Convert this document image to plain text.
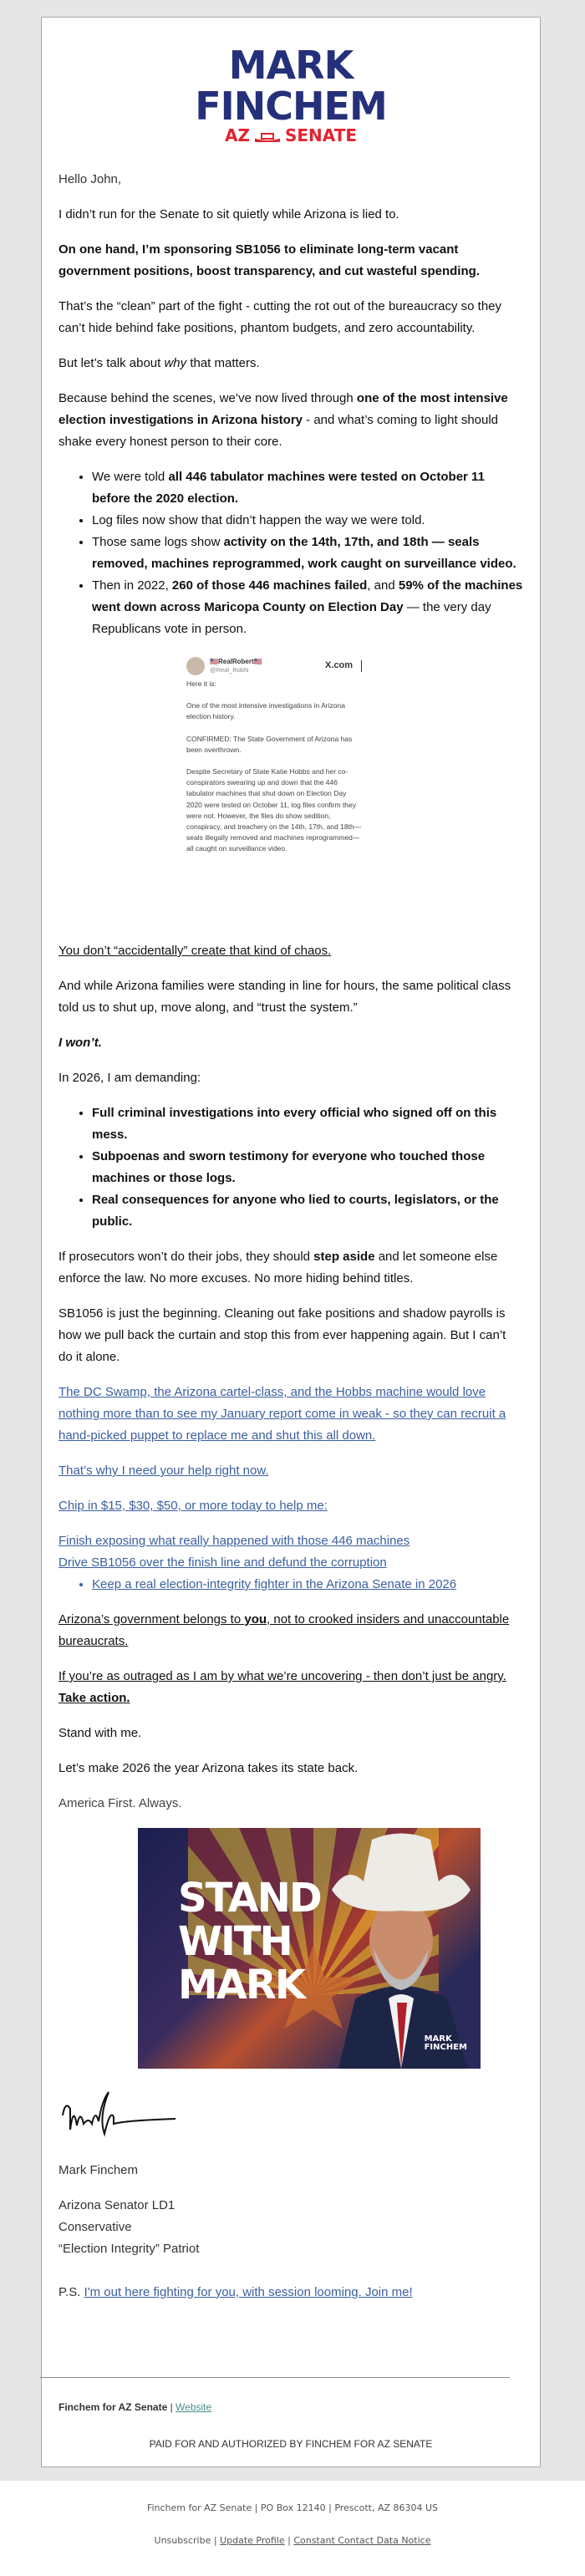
MARK
FINCHEM
AZ SENATE

Hello John,

I didn’t run for the Senate to sit quietly while Arizona is lied to.

On one hand, I’m sponsoring SB1056 to eliminate long-term vacant government positions, boost transparency, and cut wasteful spending.

That’s the “clean” part of the fight - cutting the rot out of the bureaucracy so they can’t hide behind fake positions, phantom budgets, and zero accountability.

But let’s talk about why that matters.

Because behind the scenes, we’ve now lived through one of the most intensive election investigations in Arizona history - and what’s coming to light should shake every honest person to their core.

• We were told all 446 tabulator machines were tested on October 11 before the 2020 election.
• Log files now show that didn’t happen the way we were told.
• Those same logs show activity on the 14th, 17th, and 18th — seals removed, machines reprogrammed, work caught on surveillance video.
• Then in 2022, 260 of those 446 machines failed, and 59% of the machines went down across Maricopa County on Election Day — the very day Republicans vote in person.
🇺🇸RealRobert🇺🇸
@Real_RobN	X.com

Here it is:

One of the most intensive investigations in Arizona election history.

CONFIRMED: The State Government of Arizona has been overthrown.

Despite Secretary of State Katie Hobbs and her co-conspirators swearing up and down that the 446 tabulator machines that shut down on Election Day 2020 were tested on October 11, log files confirm they were not. However, the files do show sedition, conspiracy, and treachery on the 14th, 17th, and 18th—seals illegally removed and machines reprogrammed—all caught on surveillance video.

You don’t “accidentally” create that kind of chaos.

And while Arizona families were standing in line for hours, the same political class told us to shut up, move along, and “trust the system.”

I won’t.

In 2026, I am demanding:

• Full criminal investigations into every official who signed off on this mess.
• Subpoenas and sworn testimony for everyone who touched those machines or those logs.
• Real consequences for anyone who lied to courts, legislators, or the public.

If prosecutors won’t do their jobs, they should step aside and let someone else enforce the law. No more excuses. No more hiding behind titles.

SB1056 is just the beginning. Cleaning out fake positions and shadow payrolls is how we pull back the curtain and stop this from ever happening again. But I can’t do it alone.

The DC Swamp, the Arizona cartel-class, and the Hobbs machine would love nothing more than to see my January report come in weak - so they can recruit a hand-picked puppet to replace me and shut this all down.

That’s why I need your help right now.

Chip in $15, $30, $50, or more today to help me:

Finish exposing what really happened with those 446 machines
Drive SB1056 over the finish line and defund the corruption
• Keep a real election-integrity fighter in the Arizona Senate in 2026

Arizona’s government belongs to you, not to crooked insiders and unaccountable bureaucrats.

If you’re as outraged as I am by what we’re uncovering - then don’t just be angry. Take action.

Stand with me.

Let’s make 2026 the year Arizona takes its state back.

America First. Always.

STAND
WITH
MARK
MARK
FINCHEM

Mark Finchem

Arizona Senator LD1
Conservative
“Election Integrity” Patriot

P.S. I'm out here fighting for you, with session looming. Join me!

Finchem for AZ Senate | Website
PAID FOR AND AUTHORIZED BY FINCHEM FOR AZ SENATE
Finchem for AZ Senate | PO Box 12140 | Prescott, AZ 86304 US
Unsubscribe | Update Profile | Constant Contact Data Notice
